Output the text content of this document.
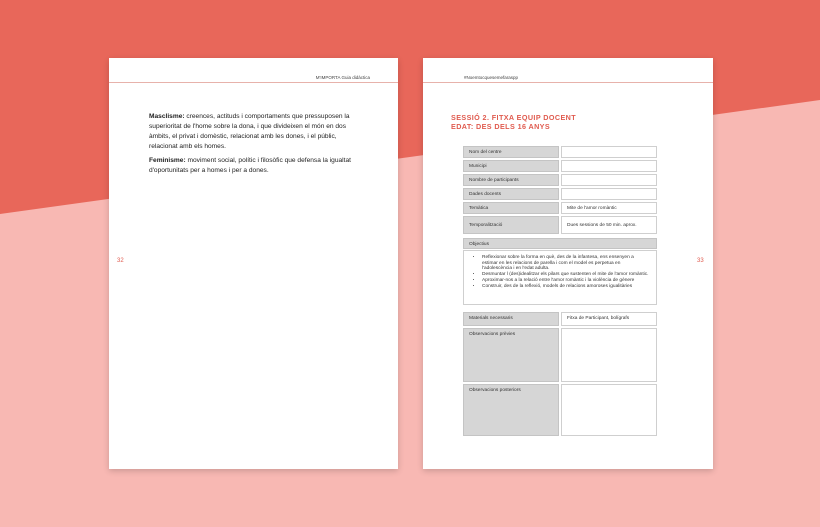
M'IMPORTA Guia didàctica
Masclisme: creences, actituds i comportaments que pressuposen la superioritat de l'home sobre la dona, i que divideixen el món en dos àmbits, el privat i domèstic, relacionat amb les dones, i el públic, relacionat amb els homes.
Feminisme: moviment social, polític i filosòfic que defensa la igualtat d'oportunitats per a homes i per a dones.
32
#Noemtocquesemefaraspp
SESSIÓ 2. FITXA EQUIP DOCENT
EDAT: DES DELS 16 ANYS
Nom del centre
Municipi
Nombre de participants
Dades docents
Temàtica	Mite de l'amor romàntic
Temporalització	Dues sessions de 50 min. aprox.
Objectius
• Reflexionar sobre la forma en què, des de la infantesa, ens ensenyen a estimar en les relacions de parella i com el model es perpetua en l'adolescència i en l'edat adulta.
• Desmuntar l (des)idealitzar els pilars que sustenten el mite de l'amor romàntic.
• Aproximar-nos a la relació entre l'amor romàntic i la violència de gènere
• Construir, des de la reflexió, models de relacions amoroses igualitàries
Materials necessaris	Fitxa de Participant, bolígrafs
Observacions prèvies
Observacions posteriors
33
